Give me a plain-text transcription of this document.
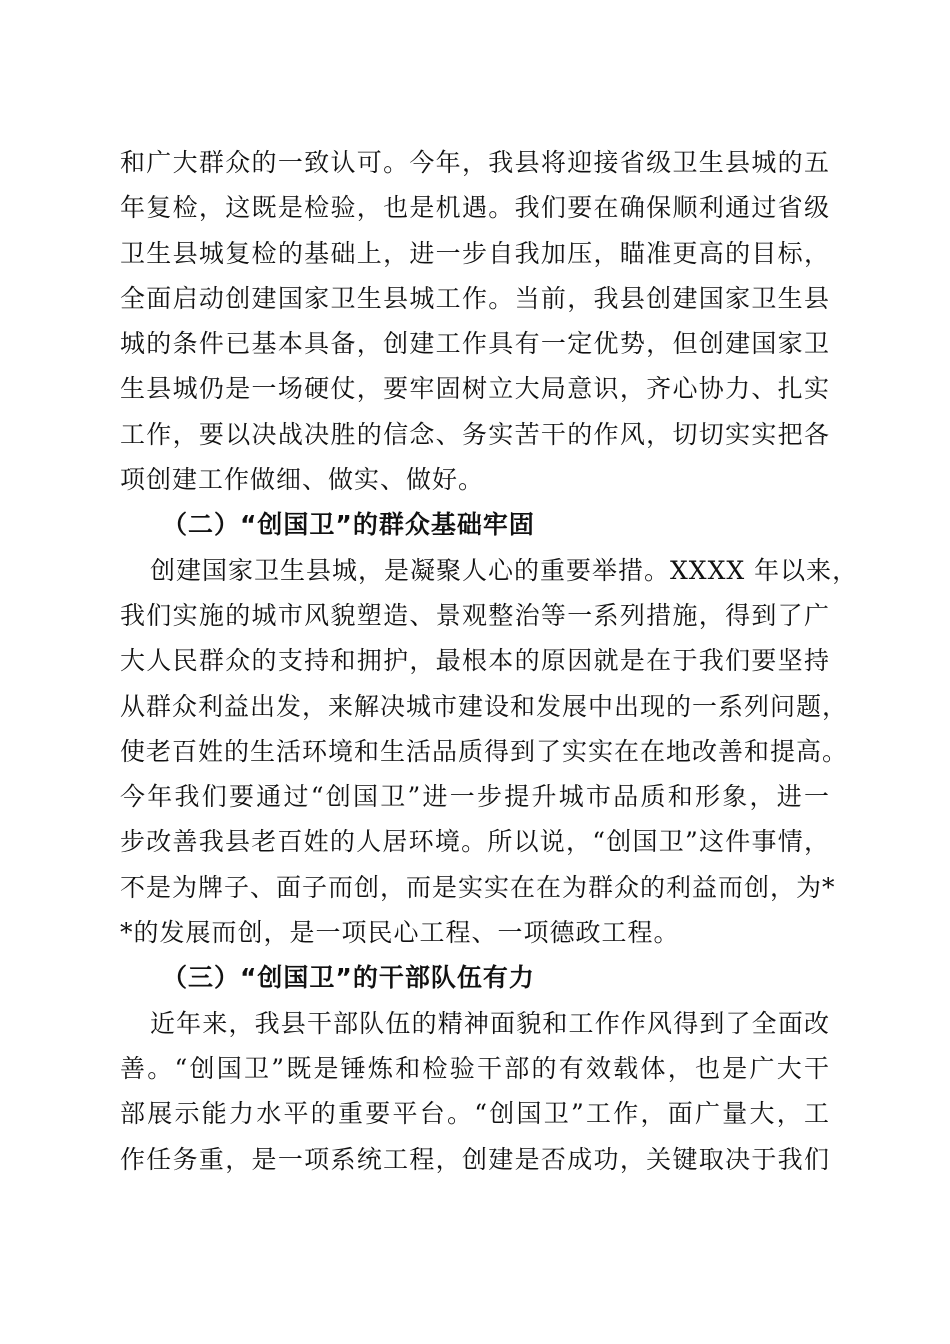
和广大群众的一致认可。今年，我县将迎接省级卫生县城的五
年复检，这既是检验，也是机遇。我们要在确保顺利通过省级
卫生县城复检的基础上，进一步自我加压，瞄准更高的目标，
全面启动创建国家卫生县城工作。当前，我县创建国家卫生县
城的条件已基本具备，创建工作具有一定优势，但创建国家卫
生县城仍是一场硬仗，要牢固树立大局意识，齐心协力、扎实
工作，要以决战决胜的信念、务实苦干的作风，切切实实把各
项创建工作做细、做实、做好。
（二）“创国卫”的群众基础牢固
创建国家卫生县城，是凝聚人心的重要举措。XXXX 年以来，
我们实施的城市风貌塑造、景观整治等一系列措施，得到了广
大人民群众的支持和拥护，最根本的原因就是在于我们要坚持
从群众利益出发，来解决城市建设和发展中出现的一系列问题，
使老百姓的生活环境和生活品质得到了实实在在地改善和提高。
今年我们要通过“创国卫”进一步提升城市品质和形象，进一
步改善我县老百姓的人居环境。所以说，“创国卫”这件事情，
不是为牌子、面子而创，而是实实在在为群众的利益而创，为*
*的发展而创，是一项民心工程、一项德政工程。
（三）“创国卫”的干部队伍有力
近年来，我县干部队伍的精神面貌和工作作风得到了全面改
善。“创国卫”既是锤炼和检验干部的有效载体，也是广大干
部展示能力水平的重要平台。“创国卫”工作，面广量大，工
作任务重，是一项系统工程，创建是否成功，关键取决于我们
